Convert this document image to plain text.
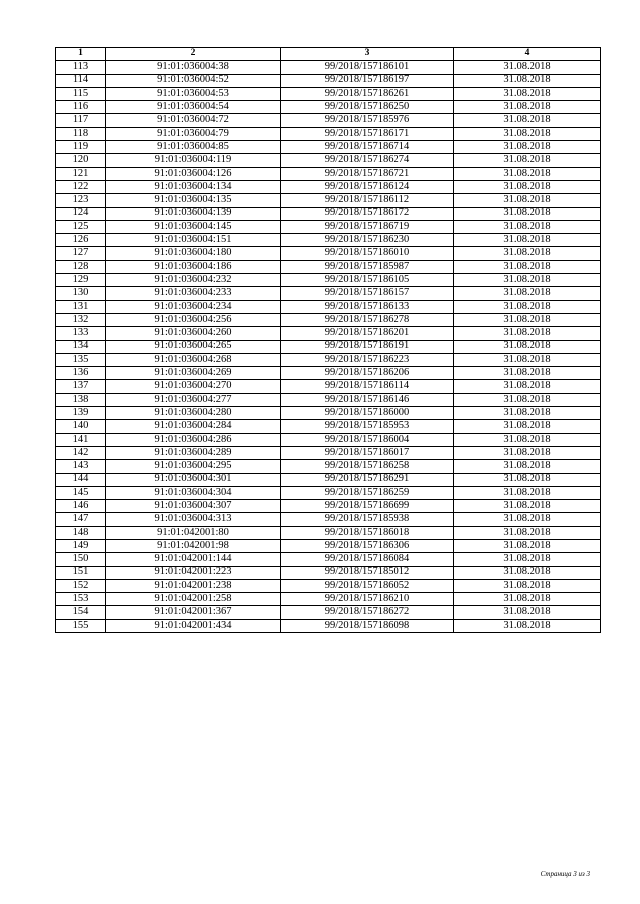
1	2	3	4
113	91:01:036004:38	99/2018/157186101	31.08.2018
114	91:01:036004:52	99/2018/157186197	31.08.2018
115	91:01:036004:53	99/2018/157186261	31.08.2018
116	91:01:036004:54	99/2018/157186250	31.08.2018
117	91:01:036004:72	99/2018/157185976	31.08.2018
118	91:01:036004:79	99/2018/157186171	31.08.2018
119	91:01:036004:85	99/2018/157186714	31.08.2018
120	91:01:036004:119	99/2018/157186274	31.08.2018
121	91:01:036004:126	99/2018/157186721	31.08.2018
122	91:01:036004:134	99/2018/157186124	31.08.2018
123	91:01:036004:135	99/2018/157186112	31.08.2018
124	91:01:036004:139	99/2018/157186172	31.08.2018
125	91:01:036004:145	99/2018/157186719	31.08.2018
126	91:01:036004:151	99/2018/157186230	31.08.2018
127	91:01:036004:180	99/2018/157186010	31.08.2018
128	91:01:036004:186	99/2018/157185987	31.08.2018
129	91:01:036004:232	99/2018/157186105	31.08.2018
130	91:01:036004:233	99/2018/157186157	31.08.2018
131	91:01:036004:234	99/2018/157186133	31.08.2018
132	91:01:036004:256	99/2018/157186278	31.08.2018
133	91:01:036004:260	99/2018/157186201	31.08.2018
134	91:01:036004:265	99/2018/157186191	31.08.2018
135	91:01:036004:268	99/2018/157186223	31.08.2018
136	91:01:036004:269	99/2018/157186206	31.08.2018
137	91:01:036004:270	99/2018/157186114	31.08.2018
138	91:01:036004:277	99/2018/157186146	31.08.2018
139	91:01:036004:280	99/2018/157186000	31.08.2018
140	91:01:036004:284	99/2018/157185953	31.08.2018
141	91:01:036004:286	99/2018/157186004	31.08.2018
142	91:01:036004:289	99/2018/157186017	31.08.2018
143	91:01:036004:295	99/2018/157186258	31.08.2018
144	91:01:036004:301	99/2018/157186291	31.08.2018
145	91:01:036004:304	99/2018/157186259	31.08.2018
146	91:01:036004:307	99/2018/157186699	31.08.2018
147	91:01:036004:313	99/2018/157185938	31.08.2018
148	91:01:042001:80	99/2018/157186018	31.08.2018
149	91:01:042001:98	99/2018/157186306	31.08.2018
150	91:01:042001:144	99/2018/157186084	31.08.2018
151	91:01:042001:223	99/2018/157185012	31.08.2018
152	91:01:042001:238	99/2018/157186052	31.08.2018
153	91:01:042001:258	99/2018/157186210	31.08.2018
154	91:01:042001:367	99/2018/157186272	31.08.2018
155	91:01:042001:434	99/2018/157186098	31.08.2018
Страница 3 из 3
